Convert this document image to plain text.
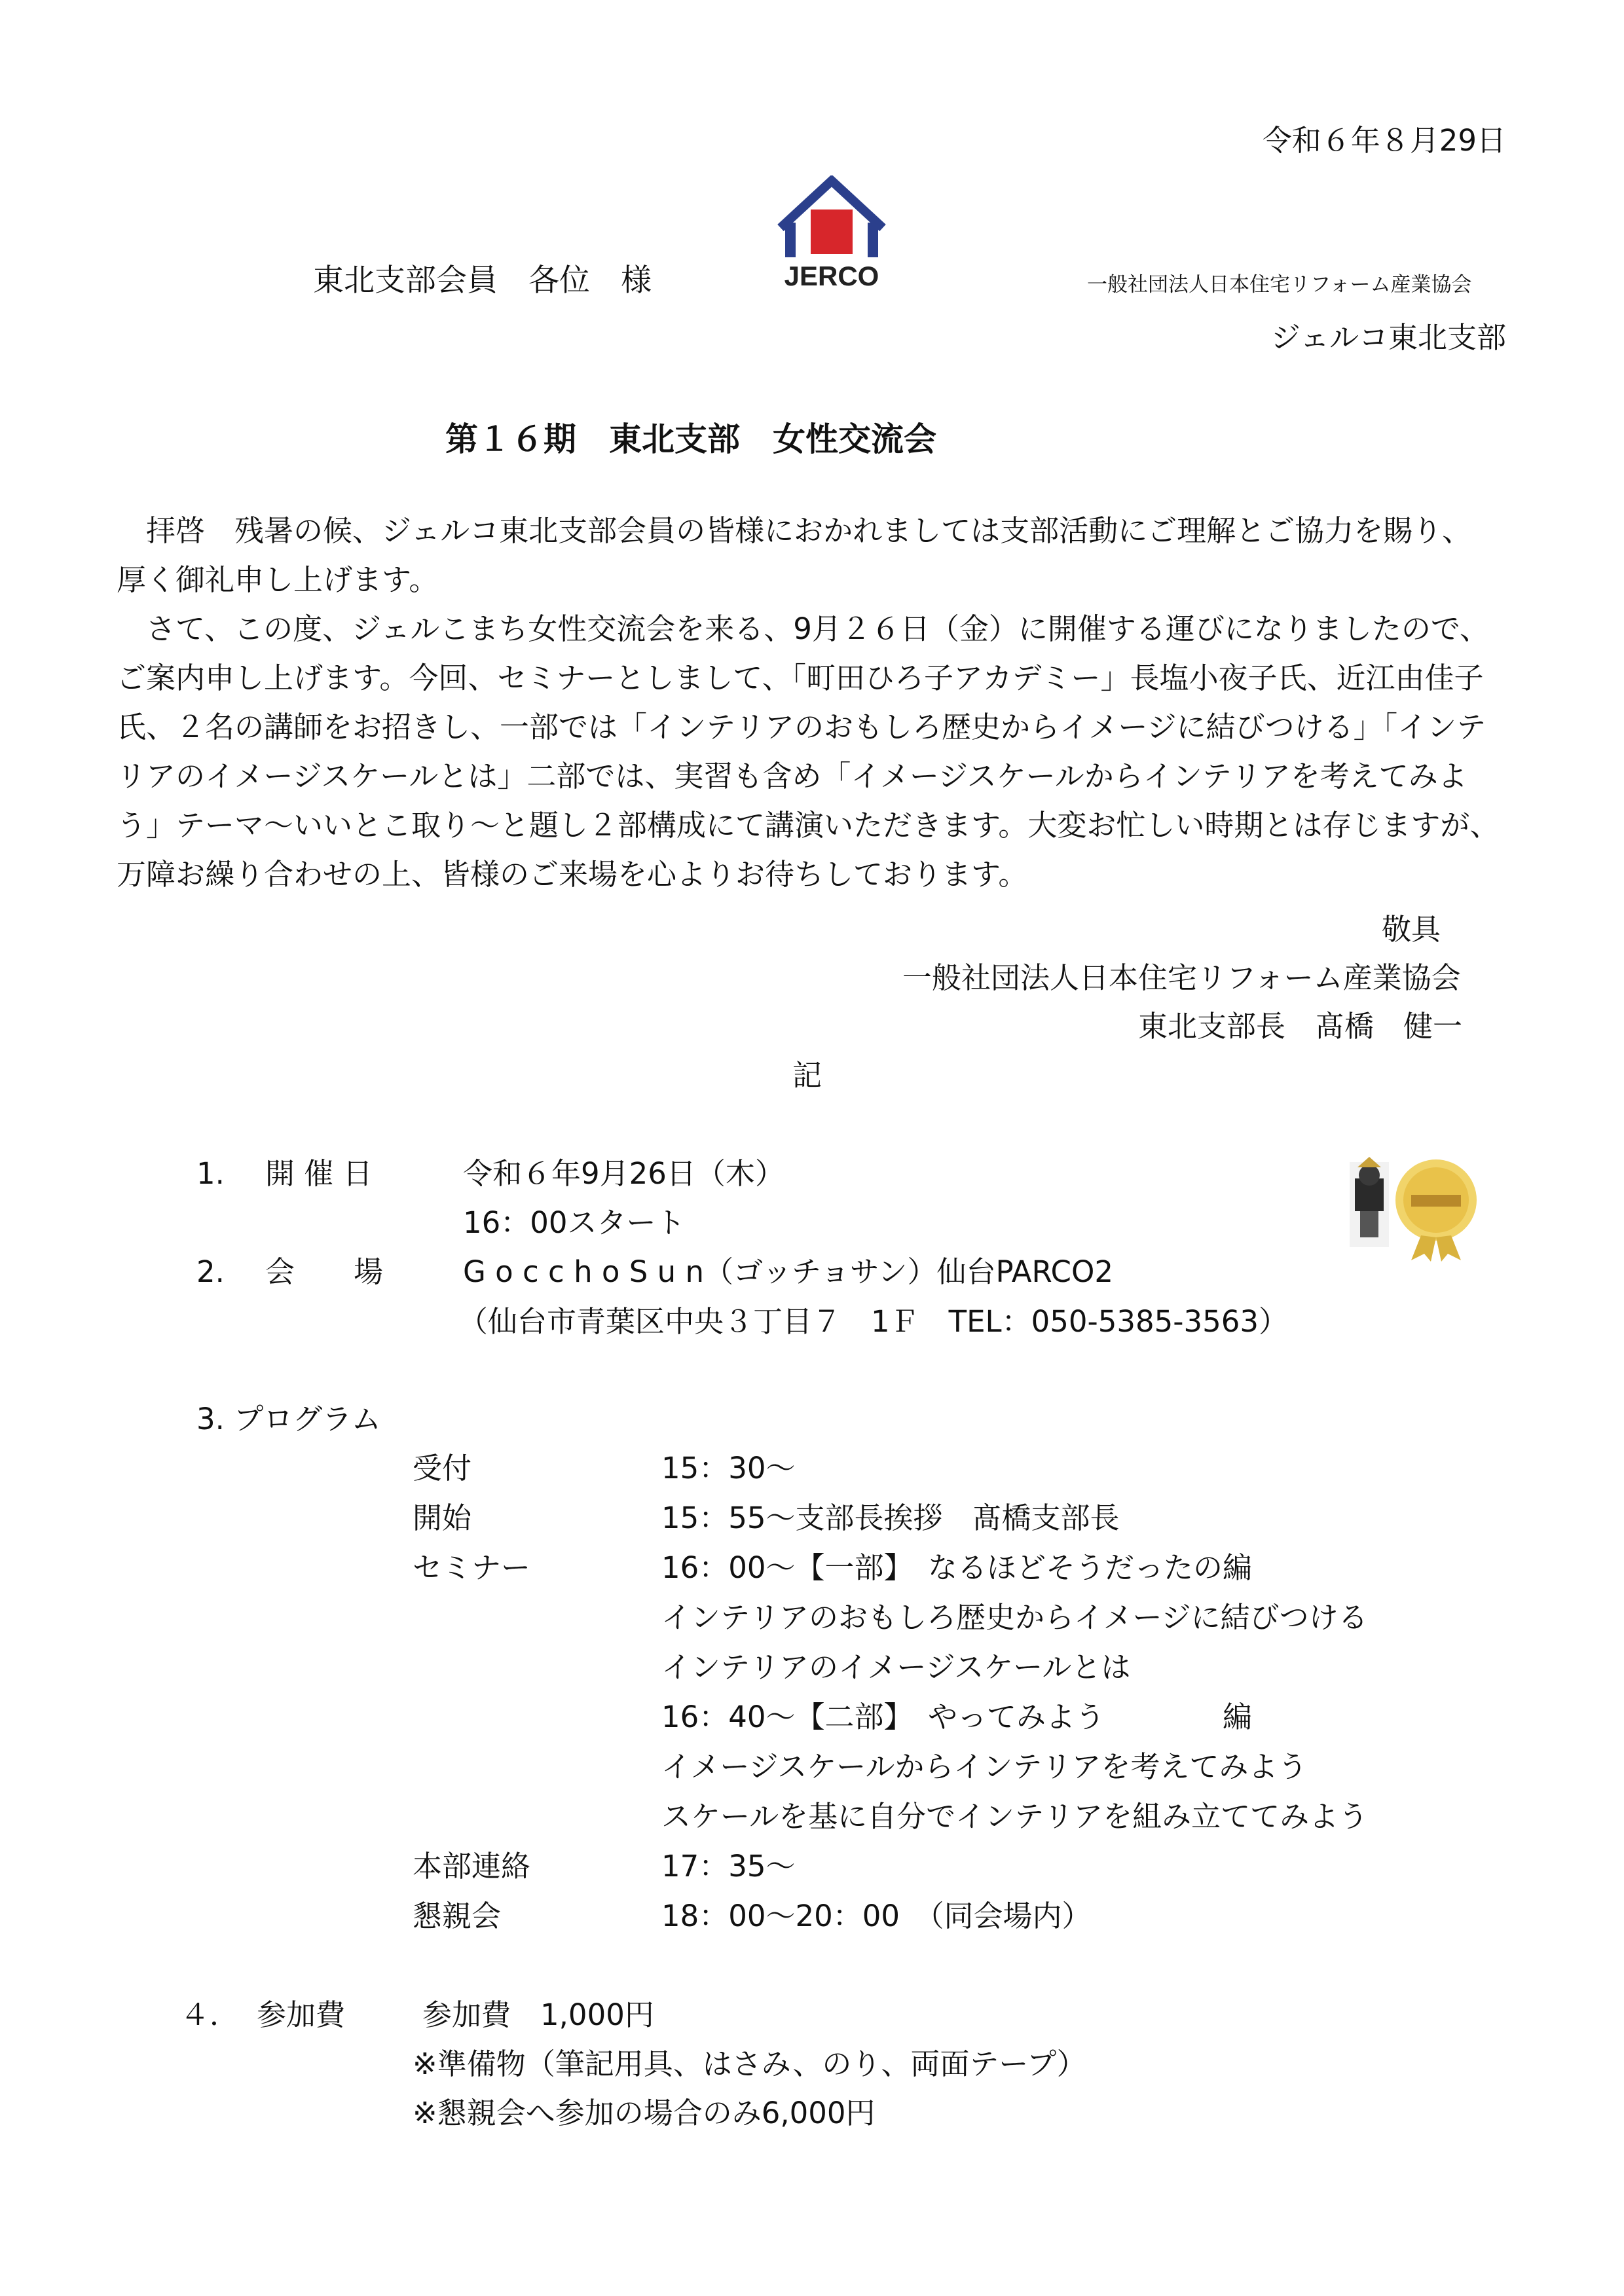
令和６年８月29日
東北支部会員　各位　様	JERCO	一般社団法人日本住宅リフォーム産業協会
ジェルコ東北支部
第１６期　東北支部　女性交流会
　拝啓　残暑の候、ジェルコ東北支部会員の皆様におかれましては支部活動にご理解とご協力を賜り、
厚く御礼申し上げます。
　さて、この度、ジェルこまち女性交流会を来る、9月２６日（金）に開催する運びになりましたので、
ご案内申し上げます。今回、セミナーとしまして、「町田ひろ子アカデミー」長塩小夜子氏、近江由佳子
氏、２名の講師をお招きし、一部では「インテリアのおもしろ歴史からイメージに結びつける」「インテ
リアのイメージスケールとは」二部では、実習も含め「イメージスケールからインテリアを考えてみよ
う」テーマ～いいとこ取り～と題し２部構成にて講演いただきます。大変お忙しい時期とは存じますが、
万障お繰り合わせの上、皆様のご来場を心よりお待ちしております。
敬具
一般社団法人日本住宅リフォーム産業協会
東北支部長　髙橋　健一
記
1. 開 催 日	令和６年9月26日（木）
16：00スタート
2. 会　　場	G o c c h o S u n（ゴッチョサン）仙台PARCO2
（仙台市青葉区中央３丁目７　1Ｆ　TEL：050-5385-3563）
3. プログラム
受付	15：30～
開始	15：55～支部長挨拶　髙橋支部長
セミナー	16：00～【一部】　なるほどそうだったの編
インテリアのおもしろ歴史からイメージに結びつける
インテリアのイメージスケールとは
16：40～【二部】　やってみよう　　　　編
イメージスケールからインテリアを考えてみよう
スケールを基に自分でインテリアを組み立ててみよう
本部連絡	17：35～
懇親会	18：00～20：00　（同会場内）
４． 参加費	参加費　1,000円
※準備物（筆記用具、はさみ、のり、両面テープ）
※懇親会へ参加の場合のみ6,000円
